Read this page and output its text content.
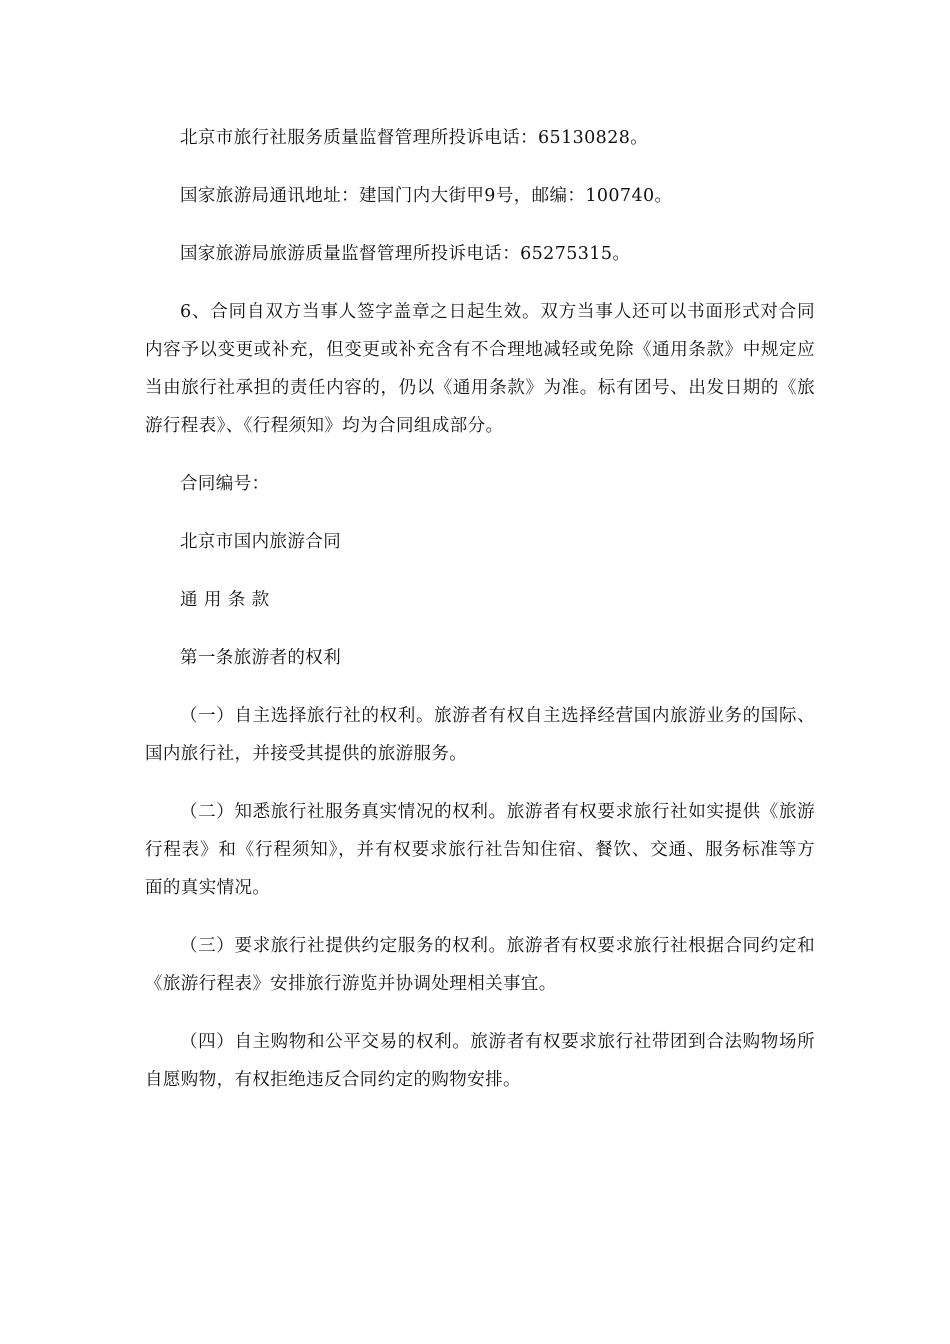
北京市旅行社服务质量监督管理所投诉电话：65130828。

国家旅游局通讯地址：建国门内大街甲9号，邮编：100740。

国家旅游局旅游质量监督管理所投诉电话：65275315。

6、合同自双方当事人签字盖章之日起生效。双方当事人还可以书面形式对合同内容予以变更或补充，但变更或补充含有不合理地减轻或免除《通用条款》中规定应当由旅行社承担的责任内容的，仍以《通用条款》为准。标有团号、出发日期的《旅游行程表》、《行程须知》均为合同组成部分。

合同编号：

北京市国内旅游合同

通 用 条 款

第一条旅游者的权利

（一）自主选择旅行社的权利。旅游者有权自主选择经营国内旅游业务的国际、国内旅行社，并接受其提供的旅游服务。

（二）知悉旅行社服务真实情况的权利。旅游者有权要求旅行社如实提供《旅游行程表》和《行程须知》，并有权要求旅行社告知住宿、餐饮、交通、服务标准等方面的真实情况。

（三）要求旅行社提供约定服务的权利。旅游者有权要求旅行社根据合同约定和《旅游行程表》安排旅行游览并协调处理相关事宜。

（四）自主购物和公平交易的权利。旅游者有权要求旅行社带团到合法购物场所自愿购物，有权拒绝违反合同约定的购物安排。
